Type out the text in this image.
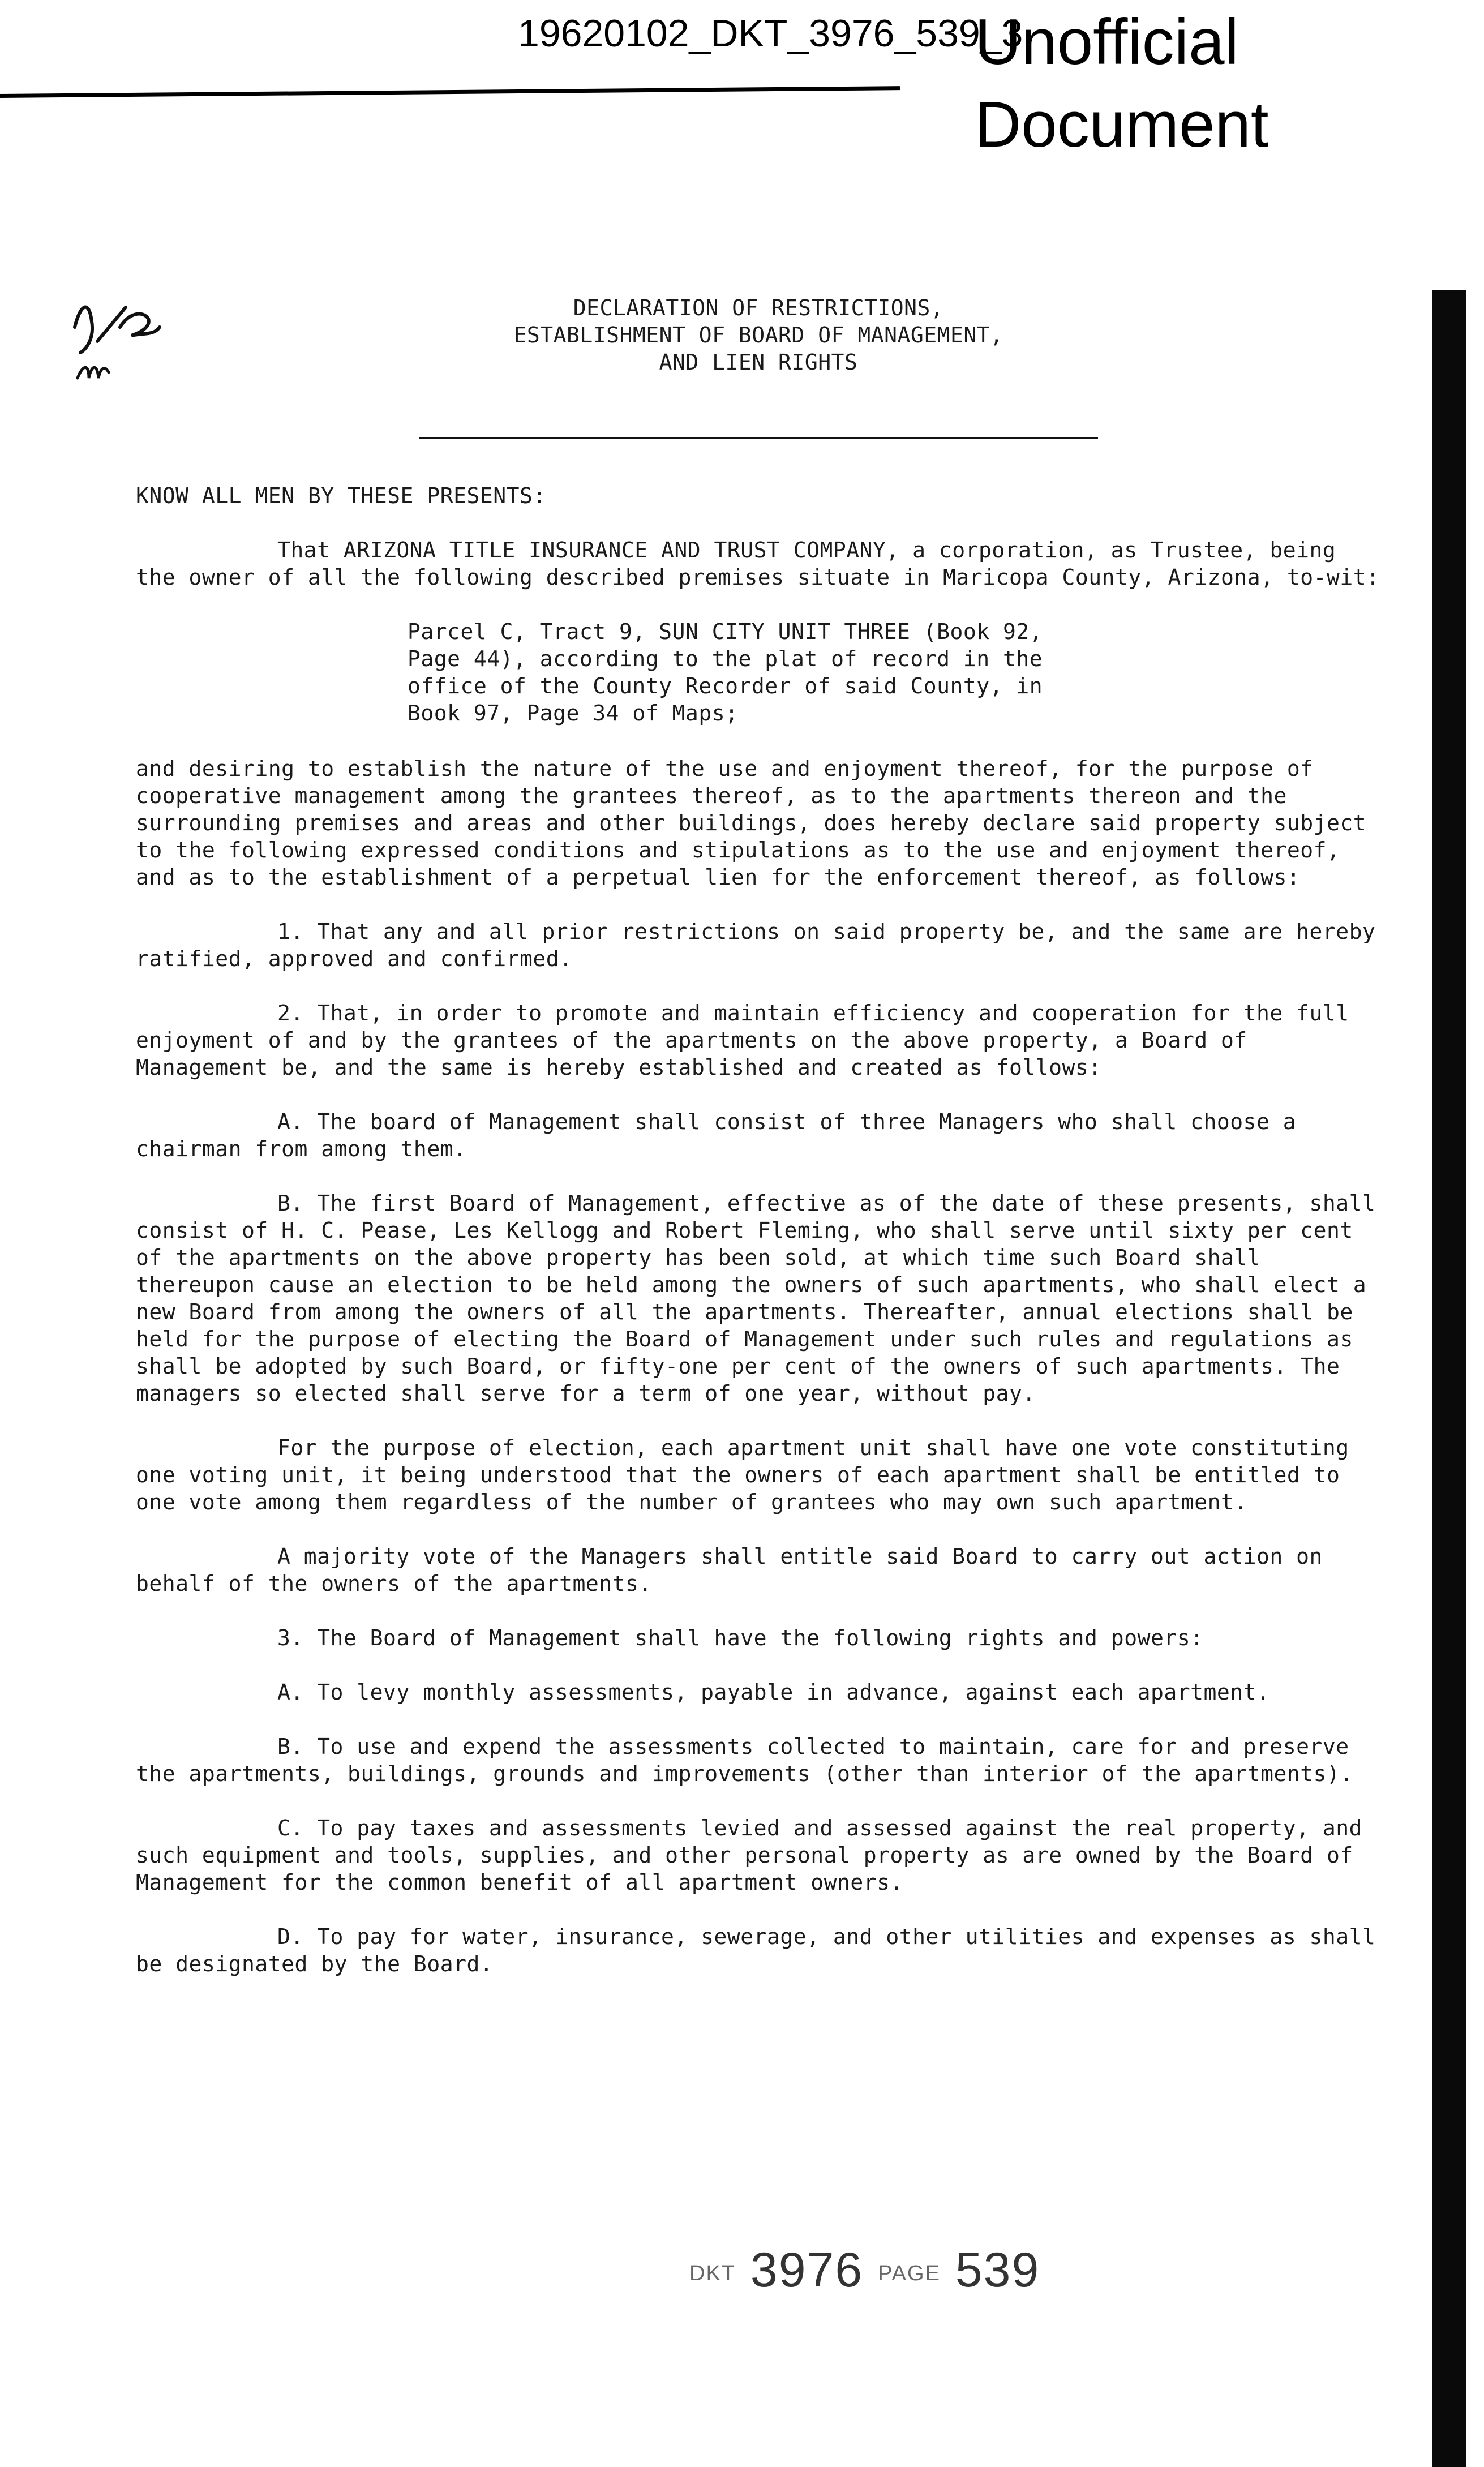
19620102_DKT_3976_539_3
Unofficial
Document
DECLARATION OF RESTRICTIONS,
ESTABLISHMENT OF BOARD OF MANAGEMENT,
AND LIEN RIGHTS

KNOW ALL MEN BY THESE PRESENTS:

That ARIZONA TITLE INSURANCE AND TRUST COMPANY, a corporation, as Trustee, being the owner of all the following described premises situate in Maricopa County, Arizona, to-wit:

Parcel C, Tract 9, SUN CITY UNIT THREE (Book 92, Page 44), according to the plat of record in the office of the County Recorder of said County, in Book 97, Page 34 of Maps;

and desiring to establish the nature of the use and enjoyment thereof, for the purpose of cooperative management among the grantees thereof, as to the apartments thereon and the surrounding premises and areas and other buildings, does hereby declare said property subject to the following expressed conditions and stipulations as to the use and enjoyment thereof, and as to the establishment of a perpetual lien for the enforcement thereof, as follows:

1. That any and all prior restrictions on said property be, and the same are hereby ratified, approved and confirmed.

2. That, in order to promote and maintain efficiency and cooperation for the full enjoyment of and by the grantees of the apartments on the above property, a Board of Management be, and the same is hereby established and created as follows:

A. The board of Management shall consist of three Managers who shall choose a chairman from among them.

B. The first Board of Management, effective as of the date of these presents, shall consist of H. C. Pease, Les Kellogg and Robert Fleming, who shall serve until sixty per cent of the apartments on the above property has been sold, at which time such Board shall thereupon cause an election to be held among the owners of such apartments, who shall elect a new Board from among the owners of all the apartments. Thereafter, annual elections shall be held for the purpose of electing the Board of Management under such rules and regulations as shall be adopted by such Board, or fifty-one per cent of the owners of such apartments. The managers so elected shall serve for a term of one year, without pay.

For the purpose of election, each apartment unit shall have one vote constituting one voting unit, it being understood that the owners of each apartment shall be entitled to one vote among them regardless of the number of grantees who may own such apartment.

A majority vote of the Managers shall entitle said Board to carry out action on behalf of the owners of the apartments.

3. The Board of Management shall have the following rights and powers:

A. To levy monthly assessments, payable in advance, against each apartment.

B. To use and expend the assessments collected to maintain, care for and preserve the apartments, buildings, grounds and improvements (other than interior of the apartments).

C. To pay taxes and assessments levied and assessed against the real property, and such equipment and tools, supplies, and other personal property as are owned by the Board of Management for the common benefit of all apartment owners.

D. To pay for water, insurance, sewerage, and other utilities and expenses as shall be designated by the Board.

DKT 3976 PAGE 539
